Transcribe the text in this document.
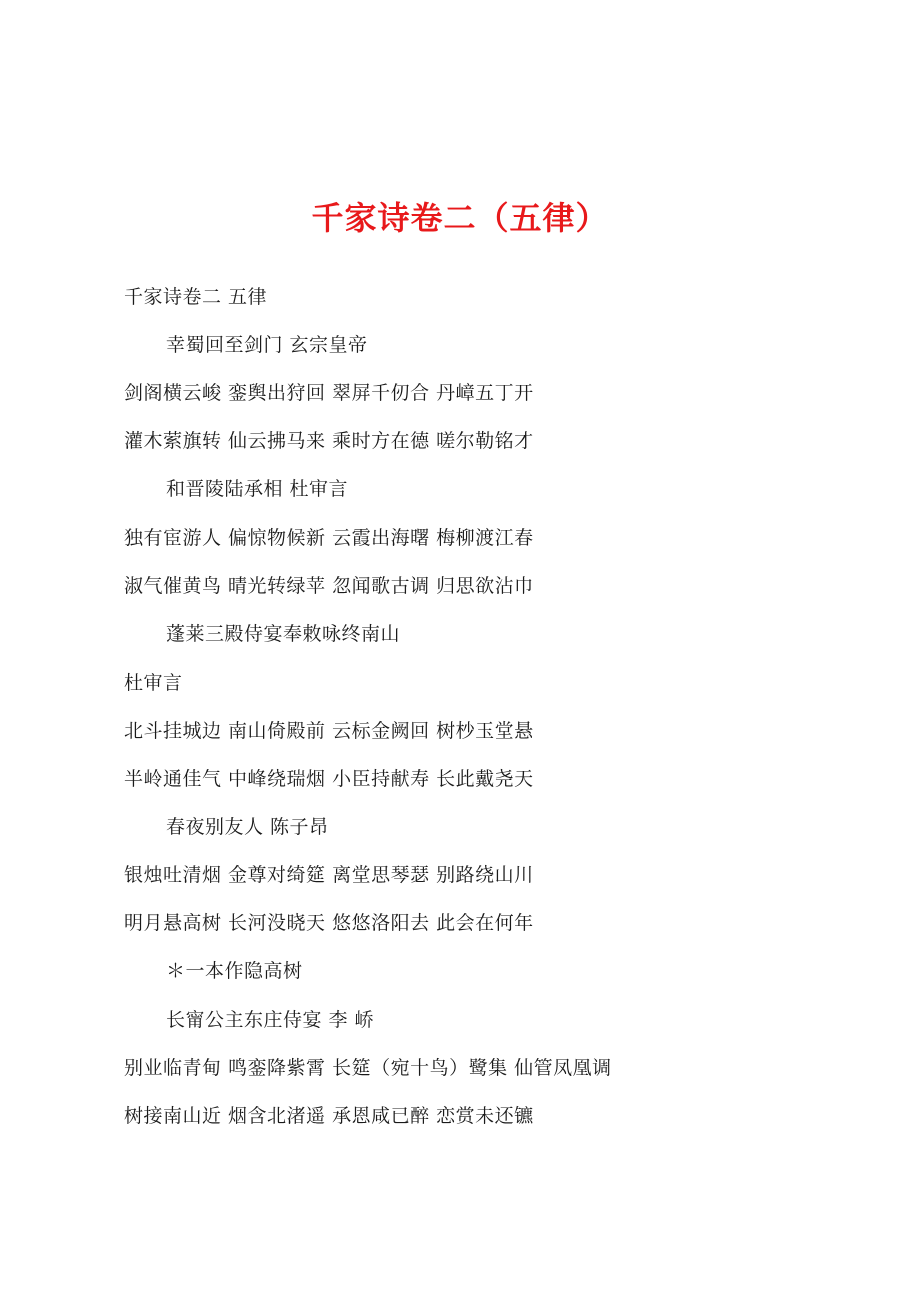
千家诗卷二（五律）
千家诗卷二 五律
幸蜀回至剑门 玄宗皇帝
剑阁横云峻 銮舆出狩回 翠屏千仞合 丹嶂五丁开
灌木萦旗转 仙云拂马来 乘时方在德 嗟尔勒铭才
和晋陵陆承相 杜审言
独有宦游人 偏惊物候新 云霞出海曙 梅柳渡江春
淑气催黄鸟 晴光转绿苹 忽闻歌古调 归思欲沾巾
蓬莱三殿侍宴奉敕咏终南山
杜审言
北斗挂城边 南山倚殿前 云标金阙回 树杪玉堂悬
半岭通佳气 中峰绕瑞烟 小臣持献寿 长此戴尧天
春夜别友人 陈子昂
银烛吐清烟 金尊对绮筵 离堂思琴瑟 别路绕山川
明月悬高树 长河没晓天 悠悠洛阳去 此会在何年
＊一本作隐高树
长甯公主东庄侍宴 李 峤
别业临青甸 鸣銮降紫霄 长筵（宛十鸟）鹭集 仙管凤凰调
树接南山近 烟含北渚遥 承恩咸已醉 恋赏未还镳
